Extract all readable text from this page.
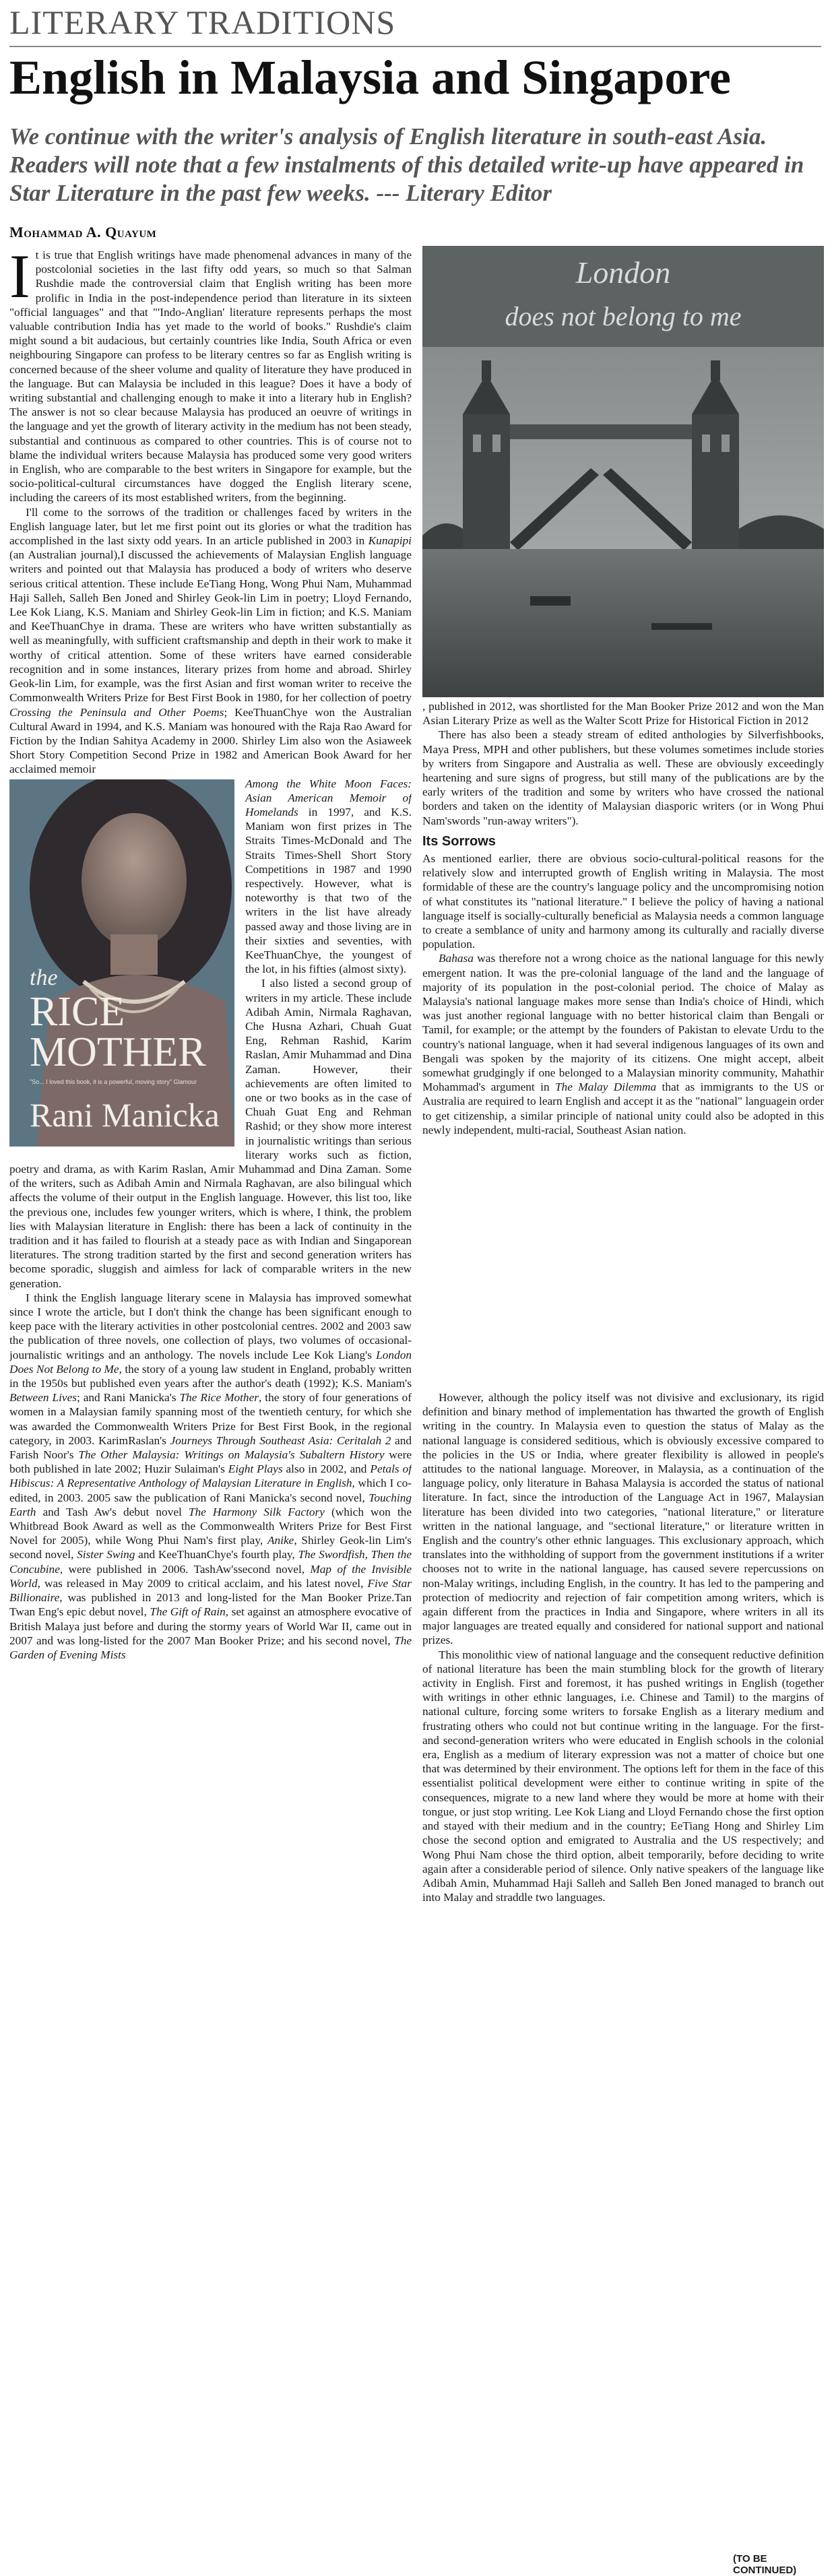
LITERARY TRADITIONS
English in Malaysia and Singapore
We continue with the writer's analysis of English literature in south-east Asia. Readers will note that a few instalments of this detailed write-up have appeared in Star Literature in the past few weeks. --- Literary Editor
Mohammad A. Quayum
London
does not belong to me

It is true that English writings have made phenomenal advances in many of the postcolonial societies in the last fifty odd years, so much so that Salman Rushdie made the controversial claim that English writing has been more prolific in India in the post-independence period than literature in its sixteen "official languages" and that "'Indo-Anglian' literature represents perhaps the most valuable contribution India has yet made to the world of books." Rushdie's claim might sound a bit audacious, but certainly countries like India, South Africa or even neighbouring Singapore can profess to be literary centres so far as English writing is concerned because of the sheer volume and quality of literature they have produced in the language. But can Malaysia be included in this league? Does it have a body of writing substantial and challenging enough to make it into a literary hub in English? The answer is not so clear because Malaysia has produced an oeuvre of writings in the language and yet the growth of literary activity in the medium has not been steady, substantial and continuous as compared to other countries. This is of course not to blame the individual writers because Malaysia has produced some very good writers in English, who are comparable to the best writers in Singapore for example, but the socio-political-cultural circumstances have dogged the English literary scene, including the careers of its most established writers, from the beginning.

I'll come to the sorrows of the tradition or challenges faced by writers in the English language later, but let me first point out its glories or what the tradition has accomplished in the last sixty odd years. In an article published in 2003 in Kunapipi (an Australian journal),I discussed the achievements of Malaysian English language writers and pointed out that Malaysia has produced a body of writers who deserve serious critical attention. These include EeTiang Hong, Wong Phui Nam, Muhammad Haji Salleh, Salleh Ben Joned and Shirley Geok-lin Lim in poetry; Lloyd Fernando, Lee Kok Liang, K.S. Maniam and Shirley Geok-lin Lim in fiction; and K.S. Maniam and KeeThuanChye in drama. These are writers who have written substantially as well as meaningfully, with sufficient craftsmanship and depth in their work to make it worthy of critical attention. Some of these writers have earned considerable recognition and in some instances, literary prizes from home and abroad. Shirley Geok-lin Lim, for example, was the first Asian and first woman writer to receive the Commonwealth Writers Prize for Best First Book in 1980, for her collection of poetry Crossing the Peninsula and Other Poems; KeeThuanChye won the Australian Cultural Award in 1994, and K.S. Maniam was honoured with the Raja Rao Award for Fiction by the Indian Sahitya Academy in 2000. Shirley Lim also won the Asiaweek Short Story Competition Second Prize in 1982 and American Book Award for her acclaimed memoir

the
RICE
MOTHER
"So... I loved this book, it is a powerful, moving story" Glamour
Rani Manicka

Among the White Moon Faces: Asian American Memoir of Homelands in 1997, and K.S. Maniam won first prizes in The Straits Times-McDonald and The Straits Times-Shell Short Story Competitions in 1987 and 1990 respectively. However, what is noteworthy is that two of the writers in the list have already passed away and those living are in their sixties and seventies, with KeeThuanChye, the youngest of the lot, in his fifties (almost sixty).

I also listed a second group of writers in my article. These include Adibah Amin, Nirmala Raghavan, Che Husna Azhari, Chuah Guat Eng, Rehman Rashid, Karim Raslan, Amir Muhammad and Dina Zaman. However, their achievements are often limited to one or two books as in the case of Chuah Guat Eng and Rehman Rashid; or they show more interest in journalistic writings than serious literary works such as fiction, poetry and drama, as with Karim Raslan, Amir Muhammad and Dina Zaman. Some of the writers, such as Adibah Amin and Nirmala Raghavan, are also bilingual which affects the volume of their output in the English language. However, this list too, like the previous one, includes few younger writers, which is where, I think, the problem lies with Malaysian literature in English: there has been a lack of continuity in the tradition and it has failed to flourish at a steady pace as with Indian and Singaporean literatures. The strong tradition started by the first and second generation writers has become sporadic, sluggish and aimless for lack of comparable writers in the new generation.

I think the English language literary scene in Malaysia has improved somewhat since I wrote the article, but I don't think the change has been significant enough to keep pace with the literary activities in other postcolonial centres. 2002 and 2003 saw the publication of three novels, one collection of plays, two volumes of occasional-journalistic writings and an anthology. The novels include Lee Kok Liang's London Does Not Belong to Me, the story of a young law student in England, probably written in the 1950s but published even years after the author's death (1992); K.S. Maniam's Between Lives; and Rani Manicka's The Rice Mother, the story of four generations of women in a Malaysian family spanning most of the twentieth century, for which she was awarded the Commonwealth Writers Prize for Best First Book, in the regional category, in 2003. KarimRaslan's Journeys Through Southeast Asia: Ceritalah 2 and Farish Noor's The Other Malaysia: Writings on Malaysia's Subaltern History were both published in late 2002; Huzir Sulaiman's Eight Plays also in 2002, and Petals of Hibiscus: A Representative Anthology of Malaysian Literature in English, which I co-edited, in 2003. 2005 saw the publication of Rani Manicka's second novel, Touching Earth and Tash Aw's debut novel The Harmony Silk Factory (which won the Whitbread Book Award as well as the Commonwealth Writers Prize for Best First Novel for 2005), while Wong Phui Nam's first play, Anike, Shirley Geok-lin Lim's second novel, Sister Swing and KeeThuanChye's fourth play, The Swordfish, Then the Concubine, were published in 2006. TashAw'ssecond novel, Map of the Invisible World, was released in May 2009 to critical acclaim, and his latest novel, Five Star Billionaire, was published in 2013 and long-listed for the Man Booker Prize.Tan Twan Eng's epic debut novel, The Gift of Rain, set against an atmosphere evocative of British Malaya just before and during the stormy years of World War II, came out in 2007 and was long-listed for the 2007 Man Booker Prize; and his second novel, The Garden of Evening Mists

, published in 2012, was shortlisted for the Man Booker Prize 2012 and won the Man Asian Literary Prize as well as the Walter Scott Prize for Historical Fiction in 2012

There has also been a steady stream of edited anthologies by Silverfishbooks, Maya Press, MPH and other publishers, but these volumes sometimes include stories by writers from Singapore and Australia as well. These are obviously exceedingly heartening and sure signs of progress, but still many of the publications are by the early writers of the tradition and some by writers who have crossed the national borders and taken on the identity of Malaysian diasporic writers (or in Wong Phui Nam'swords "run-away writers").

Its Sorrows

As mentioned earlier, there are obvious socio-cultural-political reasons for the relatively slow and interrupted growth of English writing in Malaysia. The most formidable of these are the country's language policy and the uncompromising notion of what constitutes its "national literature." I believe the policy of having a national language itself is socially-culturally beneficial as Malaysia needs a common language to create a semblance of unity and harmony among its culturally and racially diverse population.

Bahasa was therefore not a wrong choice as the national language for this newly emergent nation. It was the pre-colonial language of the land and the language of majority of its population in the post-colonial period. The choice of Malay as Malaysia's national language makes more sense than India's choice of Hindi, which was just another regional language with no better historical claim than Bengali or Tamil, for example; or the attempt by the founders of Pakistan to elevate Urdu to the country's national language, when it had several indigenous languages of its own and Bengali was spoken by the majority of its citizens. One might accept, albeit somewhat grudgingly if one belonged to a Malaysian minority community, Mahathir Mohammad's argument in The Malay Dilemma that as immigrants to the US or Australia are required to learn English and accept it as the "national" languagein order to get citizenship, a similar principle of national unity could also be adopted in this newly independent, multi-racial, Southeast Asian nation.

However, although the policy itself was not divisive and exclusionary, its rigid definition and binary method of implementation has thwarted the growth of English writing in the country. In Malaysia even to question the status of Malay as the national language is considered seditious, which is obviously excessive compared to the policies in the US or India, where greater flexibility is allowed in people's attitudes to the national language. Moreover, in Malaysia, as a continuation of the language policy, only literature in Bahasa Malaysia is accorded the status of national literature. In fact, since the introduction of the Language Act in 1967, Malaysian literature has been divided into two categories, "national literature," or literature written in the national language, and "sectional literature," or literature written in English and the country's other ethnic languages. This exclusionary approach, which translates into the withholding of support from the government institutions if a writer chooses not to write in the national language, has caused severe repercussions on non-Malay writings, including English, in the country. It has led to the pampering and protection of mediocrity and rejection of fair competition among writers, which is again different from the practices in India and Singapore, where writers in all its major languages are treated equally and considered for national support and national prizes.

This monolithic view of national language and the consequent reductive definition of national literature has been the main stumbling block for the growth of literary activity in English. First and foremost, it has pushed writings in English (together with writings in other ethnic languages, i.e. Chinese and Tamil) to the margins of national culture, forcing some writers to forsake English as a literary medium and frustrating others who could not but continue writing in the language. For the first- and second-generation writers who were educated in English schools in the colonial era, English as a medium of literary expression was not a matter of choice but one that was determined by their environment. The options left for them in the face of this essentialist political development were either to continue writing in spite of the consequences, migrate to a new land where they would be more at home with their tongue, or just stop writing. Lee Kok Liang and Lloyd Fernando chose the first option and stayed with their medium and in the country; EeTiang Hong and Shirley Lim chose the second option and emigrated to Australia and the US respectively; and Wong Phui Nam chose the third option, albeit temporarily, before deciding to write again after a considerable period of silence. Only native speakers of the language like Adibah Amin, Muhammad Haji Salleh and Salleh Ben Joned managed to branch out into Malay and straddle two languages.

(TO BE CONTINUED)
